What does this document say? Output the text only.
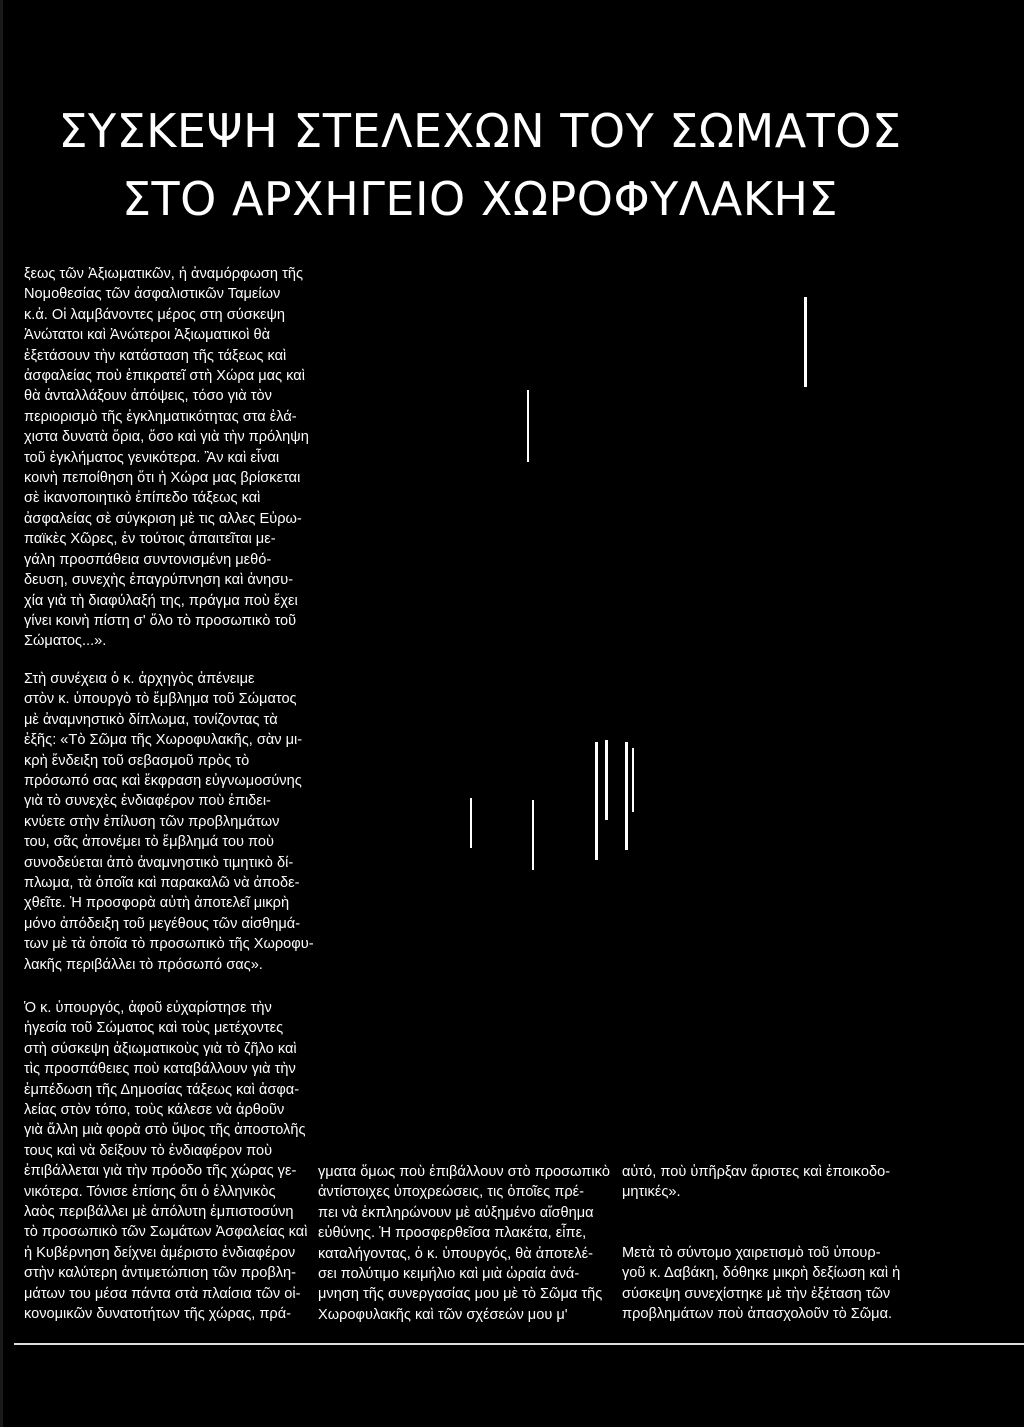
ΣΥΣΚΕΨΗ ΣΤΕΛΕΧΩΝ ΤΟΥ ΣΩΜΑΤΟΣ
ΣΤΟ ΑΡΧΗΓΕΙΟ ΧΩΡΟΦΥΛΑΚΗΣ
ξεως τῶν Ἀξιωματικῶν, ἡ ἀναμόρφωση τῆς
Νομοθεσίας τῶν ἀσφαλιστικῶν Ταμείων
κ.ἀ. Οἱ λαμβάνοντες μέρος στη σύσκεψη
Ἀνώτατοι καὶ Ἀνώτεροι Ἀξιωματικοὶ θὰ
ἐξετάσουν τὴν κατάσταση τῆς τάξεως καὶ
ἀσφαλείας ποὺ ἐπικρατεῖ στὴ Χώρα μας καὶ
θὰ ἀνταλλάξουν ἀπόψεις, τόσο γιὰ τὸν
περιορισμὸ τῆς ἐγκληματικότητας στα ἐλά-
χιστα δυνατὰ ὅρια, ὅσο καὶ γιὰ τὴν πρόληψη
τοῦ ἐγκλήματος γενικότερα. Ἂν καὶ εἶναι
κοινὴ πεποίθηση ὅτι ἡ Χώρα μας βρίσκεται
σὲ ἱκανοποιητικὸ ἐπίπεδο τάξεως καὶ
ἀσφαλείας σὲ σύγκριση μὲ τις αλλες Εὐρω-
παϊκὲς Χῶρες, ἐν τούτοις ἀπαιτεῖται με-
γάλη προσπάθεια συντονισμένη μεθό-
δευση, συνεχὴς ἐπαγρύπνηση καὶ ἀνησυ-
χία γιὰ τὴ διαφύλαξή της, πράγμα ποὺ ἔχει
γίνει κοινὴ πίστη σ' ὅλο τὸ προσωπικὸ τοῦ
Σώματος...».
Στὴ συνέχεια ὁ κ. ἀρχηγὸς ἀπένειμε
στὸν κ. ὑπουργὸ τὸ ἔμβλημα τοῦ Σώματος
μὲ ἀναμνηστικὸ δίπλωμα, τονίζοντας τὰ
ἑξῆς: «Τὸ Σῶμα τῆς Χωροφυλακῆς, σὰν μι-
κρὴ ἔνδειξη τοῦ σεβασμοῦ πρὸς τὸ
πρόσωπό σας καὶ ἔκφραση εὐγνωμοσύνης
γιὰ τὸ συνεχὲς ἐνδιαφέρον ποὺ ἐπιδει-
κνύετε στὴν ἐπίλυση τῶν προβλημάτων
του, σᾶς ἀπονέμει τὸ ἔμβλημά του ποὺ
συνοδεύεται ἀπὸ ἀναμνηστικὸ τιμητικὸ δί-
πλωμα, τὰ ὁποῖα καὶ παρακαλῶ νὰ ἀποδε-
χθεῖτε. Ἡ προσφορὰ αὐτὴ ἀποτελεῖ μικρὴ
μόνο ἀπόδειξη τοῦ μεγέθους τῶν αἰσθημά-
των μὲ τὰ ὁποῖα τὸ προσωπικὸ τῆς Χωροφυ-
λακῆς περιβάλλει τὸ πρόσωπό σας».
Ὁ κ. ὑπουργός, ἀφοῦ εὐχαρίστησε τὴν
ἡγεσία τοῦ Σώματος καὶ τοὺς μετέχοντες
στὴ σύσκεψη ἀξιωματικοὺς γιὰ τὸ ζῆλο καὶ
τὶς προσπάθειες ποὺ καταβάλλουν γιὰ τὴν
ἐμπέδωση τῆς Δημοσίας τάξεως καὶ ἀσφα-
λείας στὸν τόπο, τοὺς κάλεσε νὰ ἀρθοῦν
γιὰ ἄλλη μιὰ φορὰ στὸ ὕψος τῆς ἀποστολῆς
τους καὶ νὰ δείξουν τὸ ἐνδιαφέρον ποὺ
ἐπιβάλλεται γιὰ τὴν πρόοδο τῆς χώρας γε-
νικότερα. Τόνισε ἐπίσης ὅτι ὁ ἑλληνικὸς
λαὸς περιβάλλει μὲ ἀπόλυτη ἐμπιστοσύνη
τὸ προσωπικὸ τῶν Σωμάτων Ἀσφαλείας καὶ
ἡ Κυβέρνηση δείχνει ἀμέριστο ἐνδιαφέρον
στὴν καλύτερη ἀντιμετώπιση τῶν προβλη-
μάτων του μέσα πάντα στὰ πλαίσια τῶν οἰ-
κονομικῶν δυνατοτήτων τῆς χώρας, πρά-
γματα ὅμως ποὺ ἐπιβάλλουν στὸ προσωπικὸ
ἀντίστοιχες ὑποχρεώσεις, τις ὁποῖες πρέ-
πει νὰ ἐκπληρώνουν μὲ αὐξημένο αἴσθημα
εὐθύνης. Ἡ προσφερθεῖσα πλακέτα, εἶπε,
καταλήγοντας, ὁ κ. ὑπουργός, θὰ ἀποτελέ-
σει πολύτιμο κειμήλιο καὶ μιὰ ὡραία ἀνά-
μνηση τῆς συνεργασίας μου μὲ τὸ Σῶμα τῆς
Χωροφυλακῆς καὶ τῶν σχέσεών μου μ'
αὐτό, ποὺ ὑπῆρξαν ἄριστες καὶ ἐποικοδο-
μητικές».
Μετὰ τὸ σύντομο χαιρετισμὸ τοῦ ὑπουρ-
γοῦ κ. Δαβάκη, δόθηκε μικρὴ δεξίωση καὶ ἡ
σύσκεψη συνεχίστηκε μὲ τὴν ἐξέταση τῶν
προβλημάτων ποὺ ἀπασχολοῦν τὸ Σῶμα.
